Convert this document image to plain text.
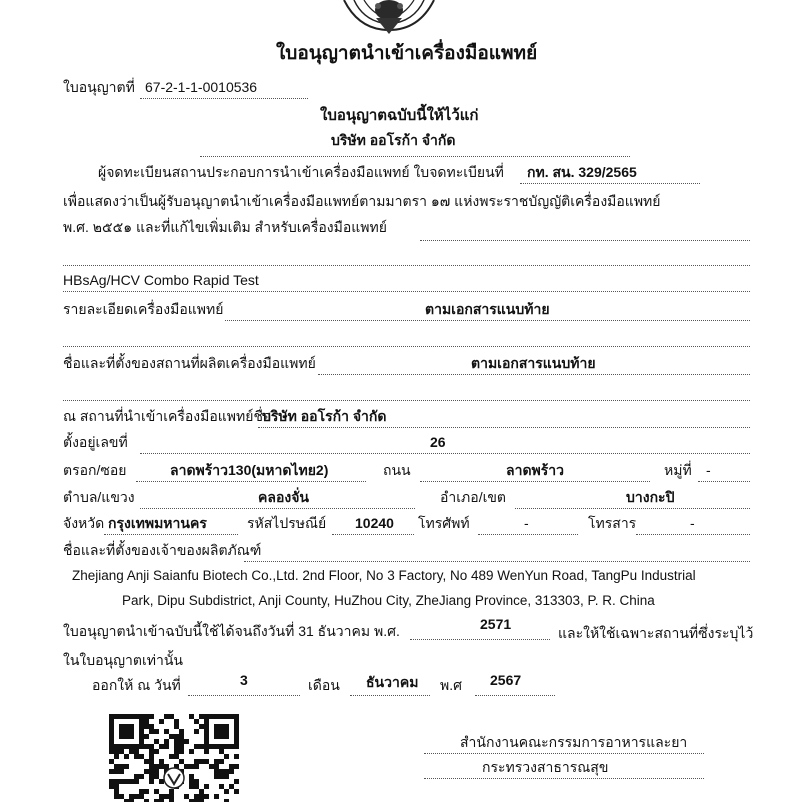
ใบอนุญาตนำเข้าเครื่องมือแพทย์
ใบอนุญาตที่ 67-2-1-1-0010536
ใบอนุญาตฉบับนี้ให้ไว้แก่
บริษัท ออโรก้า จำกัด
ผู้จดทะเบียนสถานประกอบการนำเข้าเครื่องมือแพทย์ ใบจดทะเบียนที่ กท. สน. 329/2565
เพื่อแสดงว่าเป็นผู้รับอนุญาตนำเข้าเครื่องมือแพทย์ตามมาตรา ๑๗ แห่งพระราชบัญญัติเครื่องมือแพทย์
พ.ศ. ๒๕๕๑ และที่แก้ไขเพิ่มเติม สำหรับเครื่องมือแพทย์
HBsAg/HCV Combo Rapid Test
รายละเอียดเครื่องมือแพทย์	ตามเอกสารแนบท้าย
ชื่อและที่ตั้งของสถานที่ผลิตเครื่องมือแพทย์	ตามเอกสารแนบท้าย
ณ สถานที่นำเข้าเครื่องมือแพทย์ชื่อ
บริษัท ออโรก้า จำกัด
ตั้งอยู่เลขที่	26
ตรอก/ซอย	ลาดพร้าว130(มหาดไทย2)	ถนน	ลาดพร้าว	หมู่ที่ -
ตำบล/แขวง	คลองจั่น	อำเภอ/เขต	บางกะปิ
จังหวัด กรุงเทพมหานคร	รหัสไปรษณีย์ 10240 โทรศัพท์	-	โทรสาร	-
ชื่อและที่ตั้งของเจ้าของผลิตภัณฑ์
Zhejiang Anji Saianfu Biotech Co.,Ltd. 2nd Floor, No 3 Factory, No 489 WenYun Road, TangPu Industrial
Park, Dipu Subdistrict, Anji County, HuZhou City, ZheJiang Province, 313303, P. R. China
ใบอนุญาตนำเข้าฉบับนี้ใช้ได้จนถึงวันที่ 31 ธันวาคม พ.ศ.	2571
และให้ใช้เฉพาะสถานที่ซึ่งระบุไว้
ในใบอนุญาตเท่านั้น
ออกให้ ณ วันที่	3	เดือน ธันวาคม พ.ศ 2567
สำนักงานคณะกรรมการอาหารและยา
กระทรวงสาธารณสุข
